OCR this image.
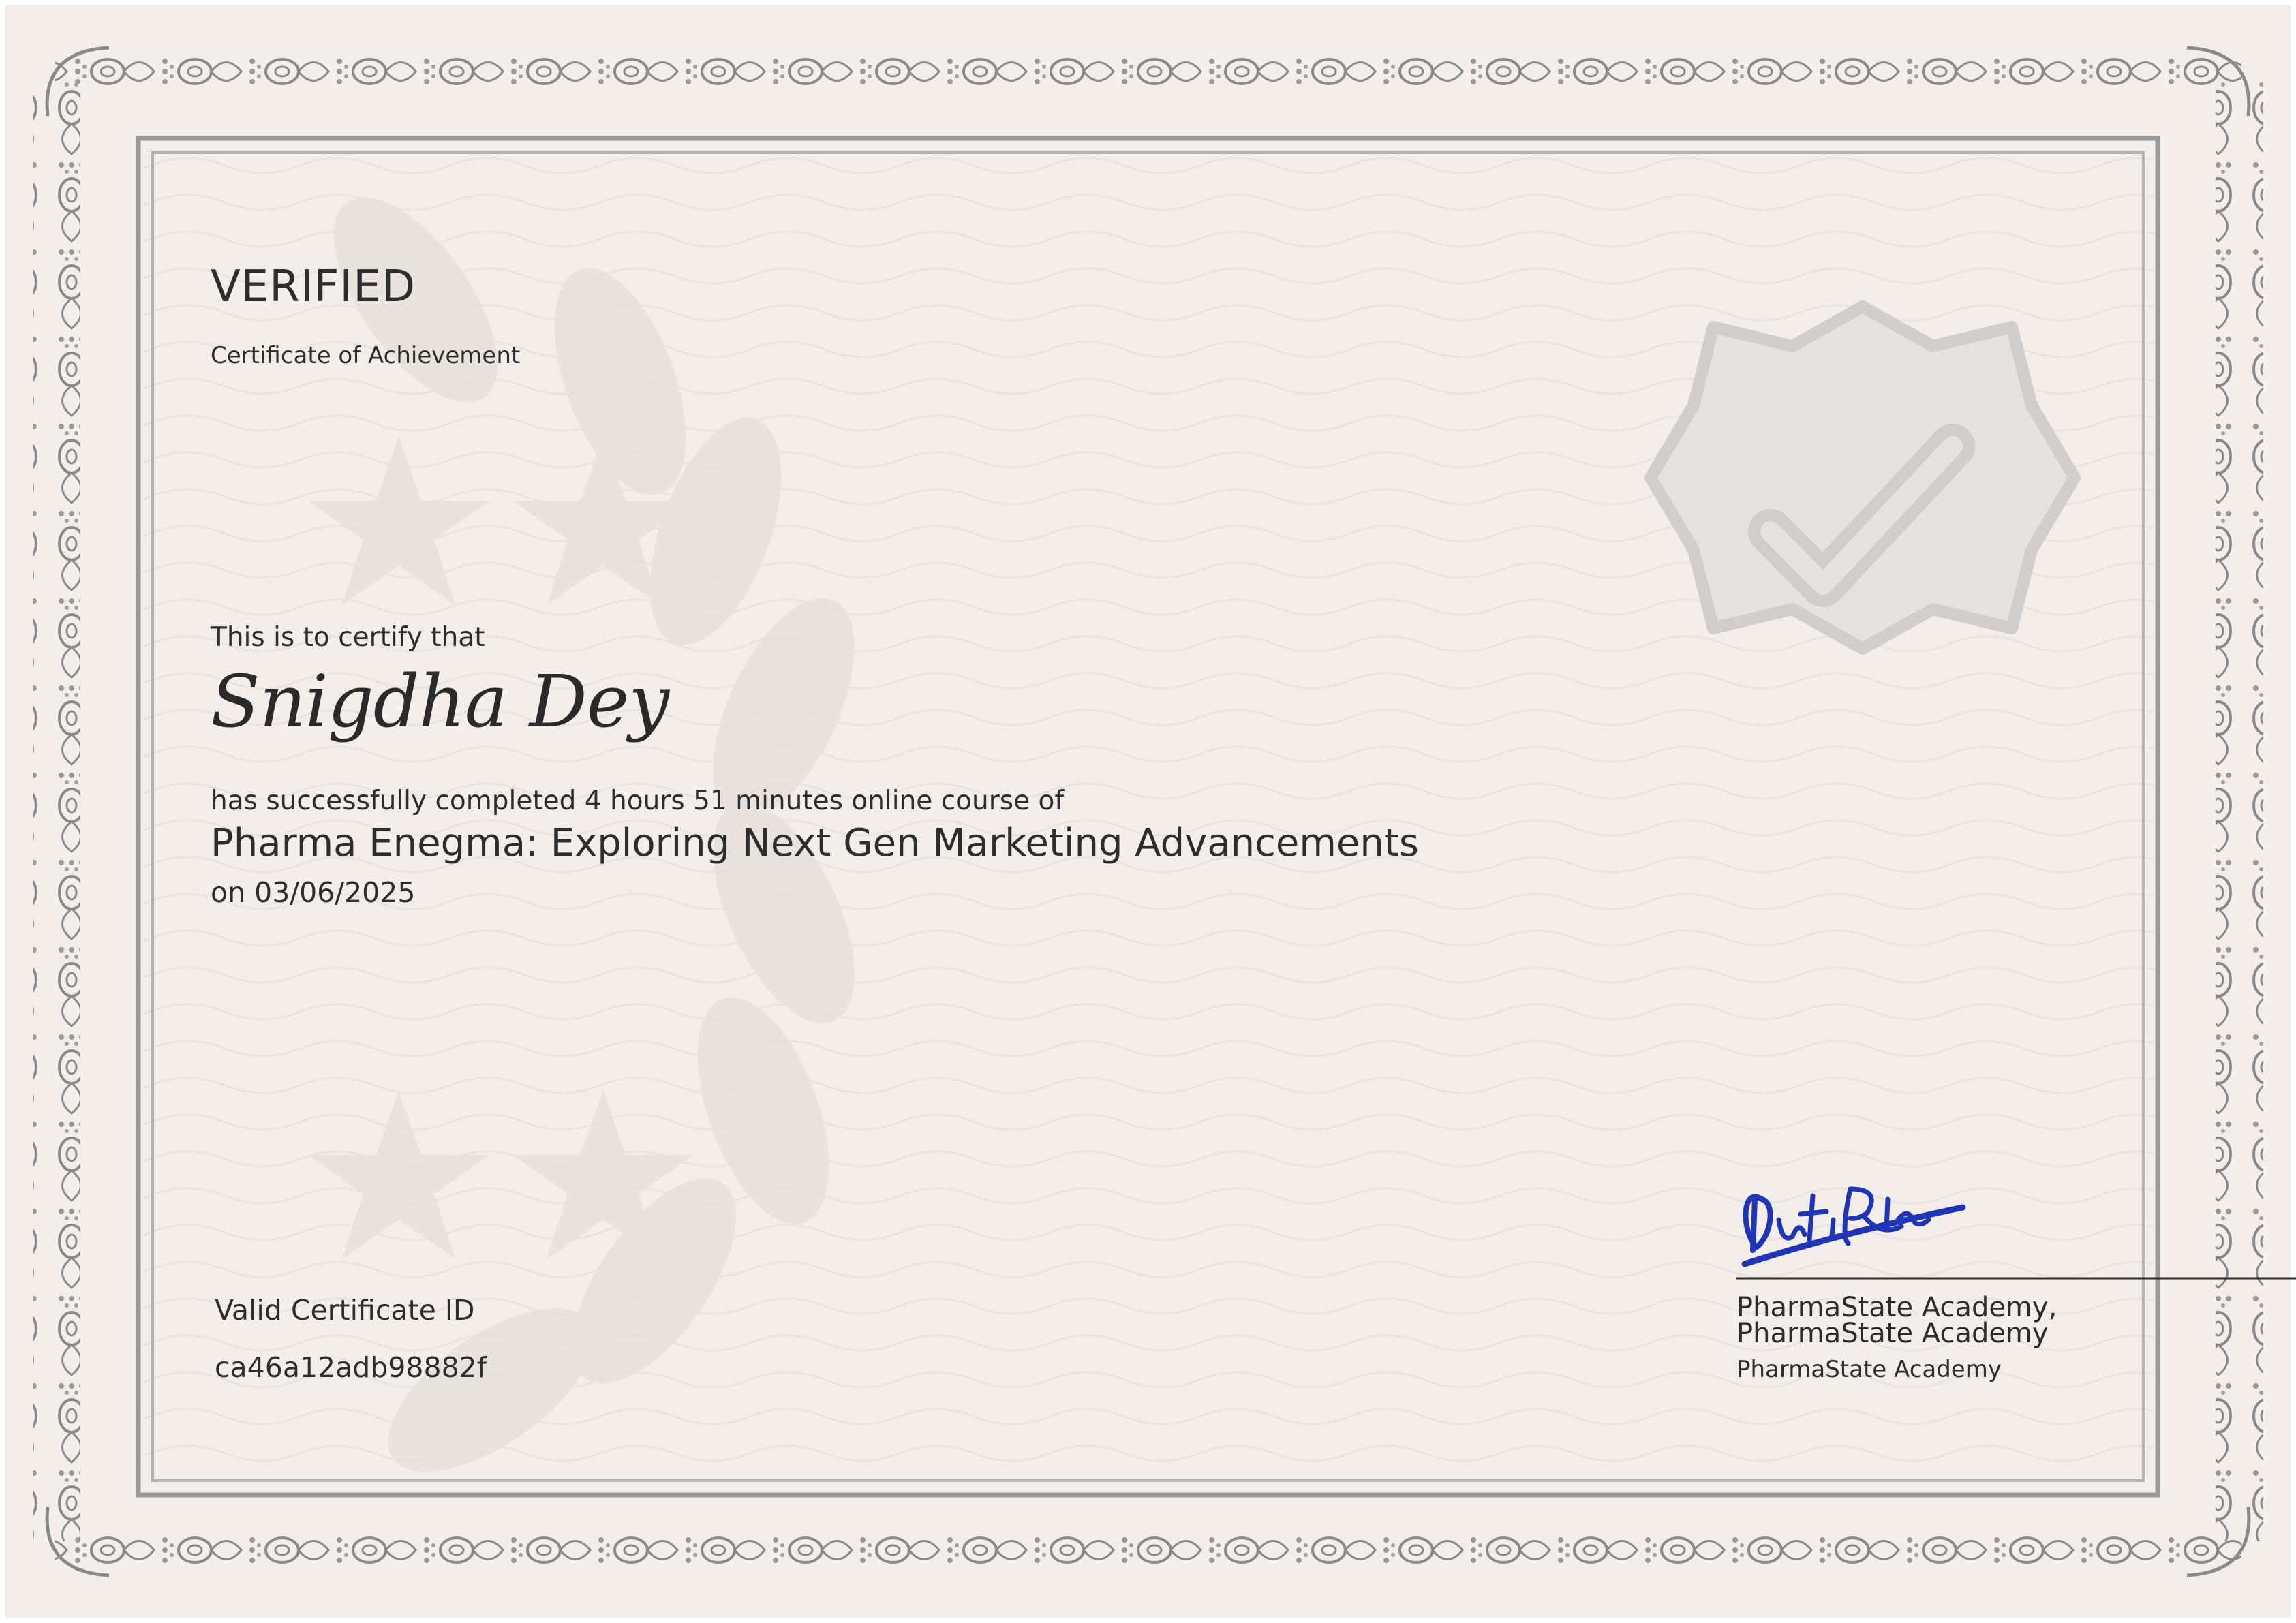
VERIFIED
Certificate of Achievement
This is to certify that
Snigdha Dey
has successfully completed 4 hours 51 minutes online course of
Pharma Enegma: Exploring Next Gen Marketing Advancements
on 03/06/2025
Valid Certificate ID
ca46a12adb98882f
PharmaState Academy, PharmaState Academy
PharmaState Academy
